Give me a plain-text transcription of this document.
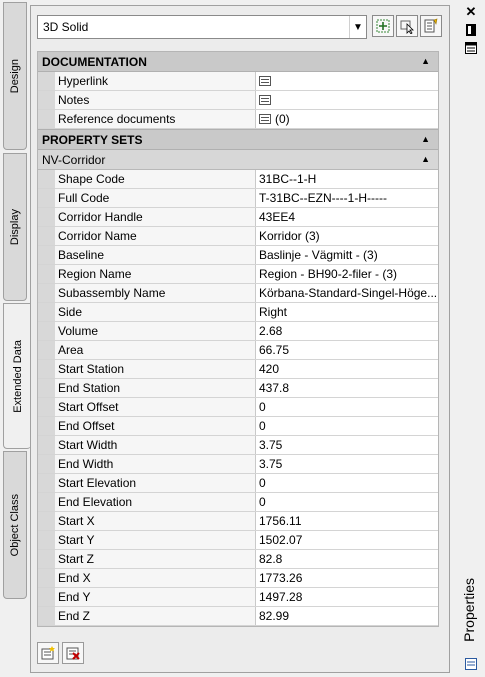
Design
Display
Extended Data
Object Class
3D Solid	▼
DOCUMENTATION	▲
Hyperlink
Notes
Reference documents	(0)
PROPERTY SETS	▲
NV-Corridor	▲
Shape Code	31BC--1-H
Full Code	T-31BC--EZN----1-H-----
Corridor Handle	43EE4
Corridor Name	Korridor (3)
Baseline	Baslinje - Vägmitt - (3)
Region Name	Region - BH90-2-filer - (3)
Subassembly Name	Körbana-Standard-Singel-Höge...
Side	Right
Volume	2.68
Area	66.75
Start Station	420
End Station	437.8
Start Offset	0
End Offset	0
Start Width	3.75
End Width	3.75
Start Elevation	0
End Elevation	0
Start X	1756.11
Start Y	1502.07
Start Z	82.8
End X	1773.26
End Y	1497.28
End Z	82.99
✕
Properties
